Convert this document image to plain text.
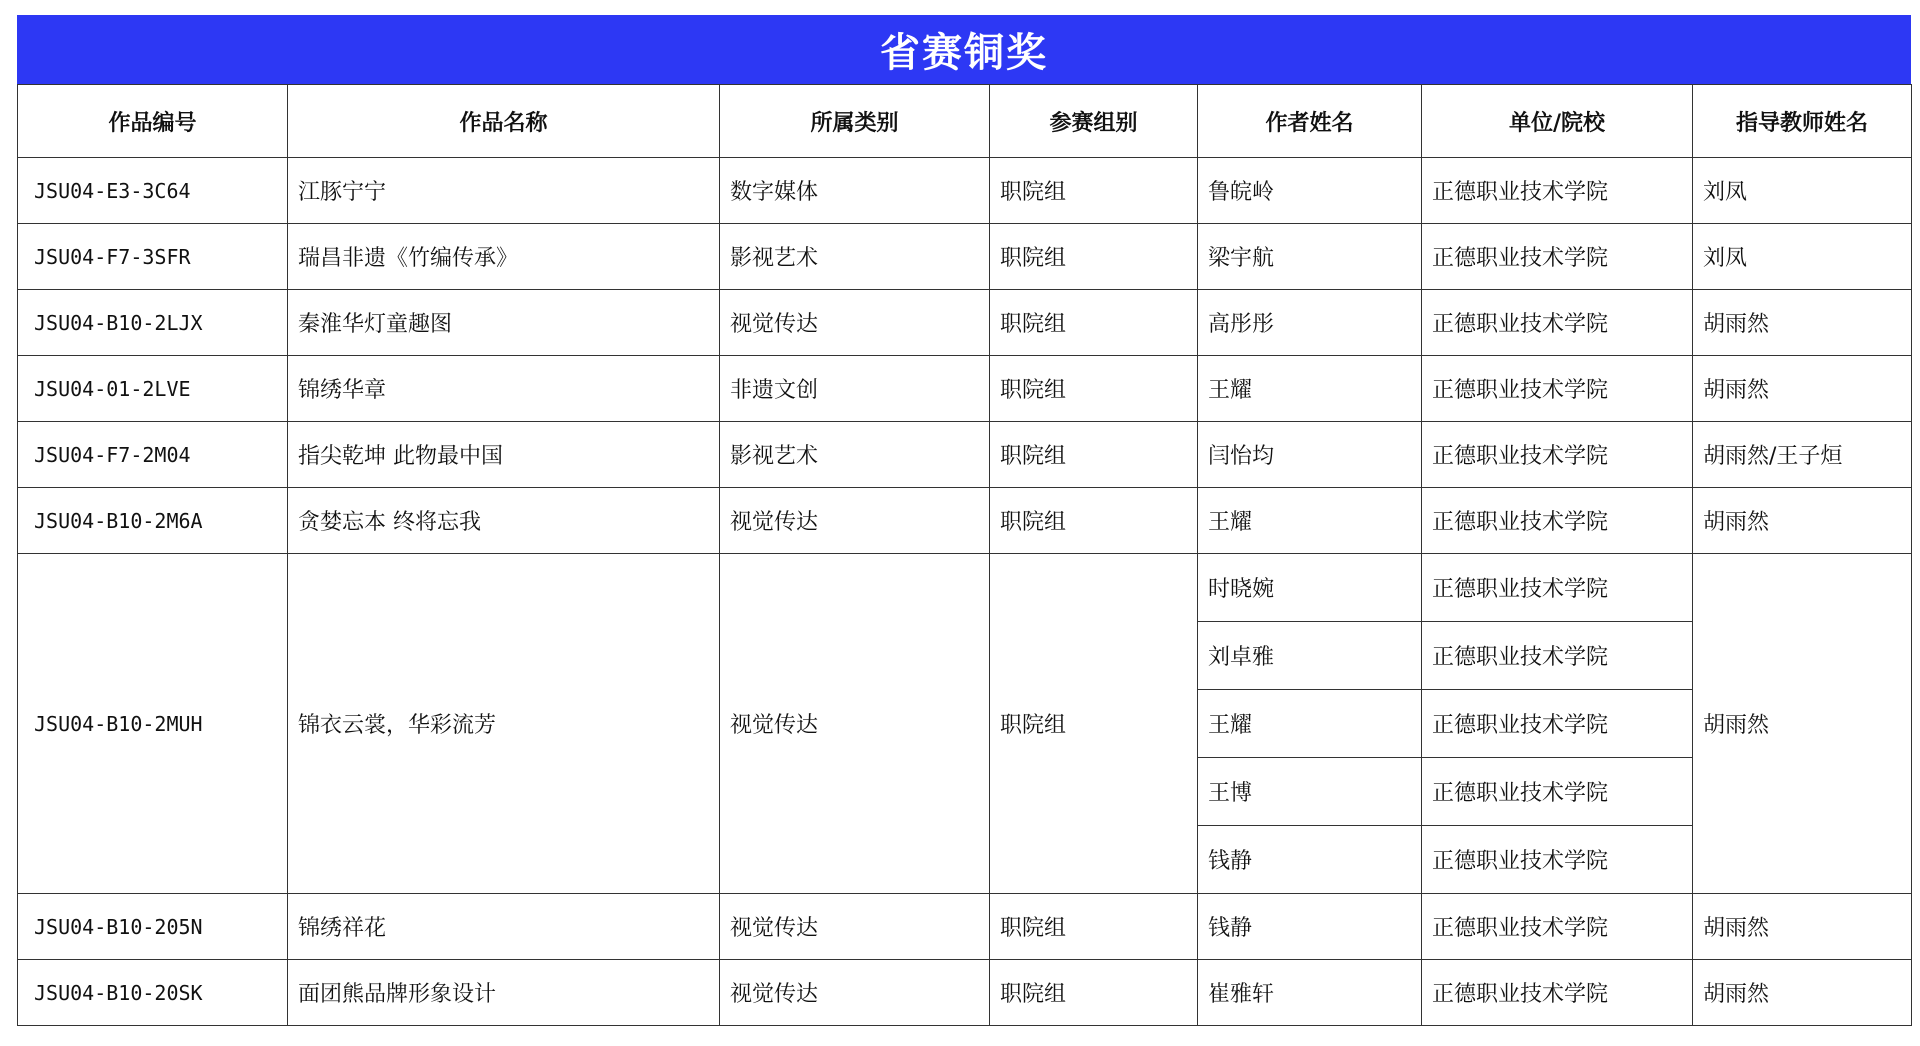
省赛铜奖
作品编号	作品名称	所属类别	参赛组别	作者姓名	单位/院校	指导教师姓名
JSU04-E3-3C64	江豚宁宁	数字媒体	职院组	鲁皖岭	正德职业技术学院	刘凤
JSU04-F7-3SFR	瑞昌非遗《竹编传承》	影视艺术	职院组	梁宇航	正德职业技术学院	刘凤
JSU04-B10-2LJX	秦淮华灯童趣图	视觉传达	职院组	高彤彤	正德职业技术学院	胡雨然
JSU04-01-2LVE	锦绣华章	非遗文创	职院组	王耀	正德职业技术学院	胡雨然
JSU04-F7-2M04	指尖乾坤 此物最中国	影视艺术	职院组	闫怡均	正德职业技术学院	胡雨然/王子烜
JSU04-B10-2M6A	贪婪忘本 终将忘我	视觉传达	职院组	王耀	正德职业技术学院	胡雨然
JSU04-B10-2MUH	锦衣云裳，华彩流芳	视觉传达	职院组	时晓婉	正德职业技术学院	胡雨然
				刘卓雅	正德职业技术学院	
				王耀	正德职业技术学院	
				王博	正德职业技术学院	
				钱静	正德职业技术学院	
JSU04-B10-205N	锦绣祥花	视觉传达	职院组	钱静	正德职业技术学院	胡雨然
JSU04-B10-20SK	面团熊品牌形象设计	视觉传达	职院组	崔雅轩	正德职业技术学院	胡雨然
